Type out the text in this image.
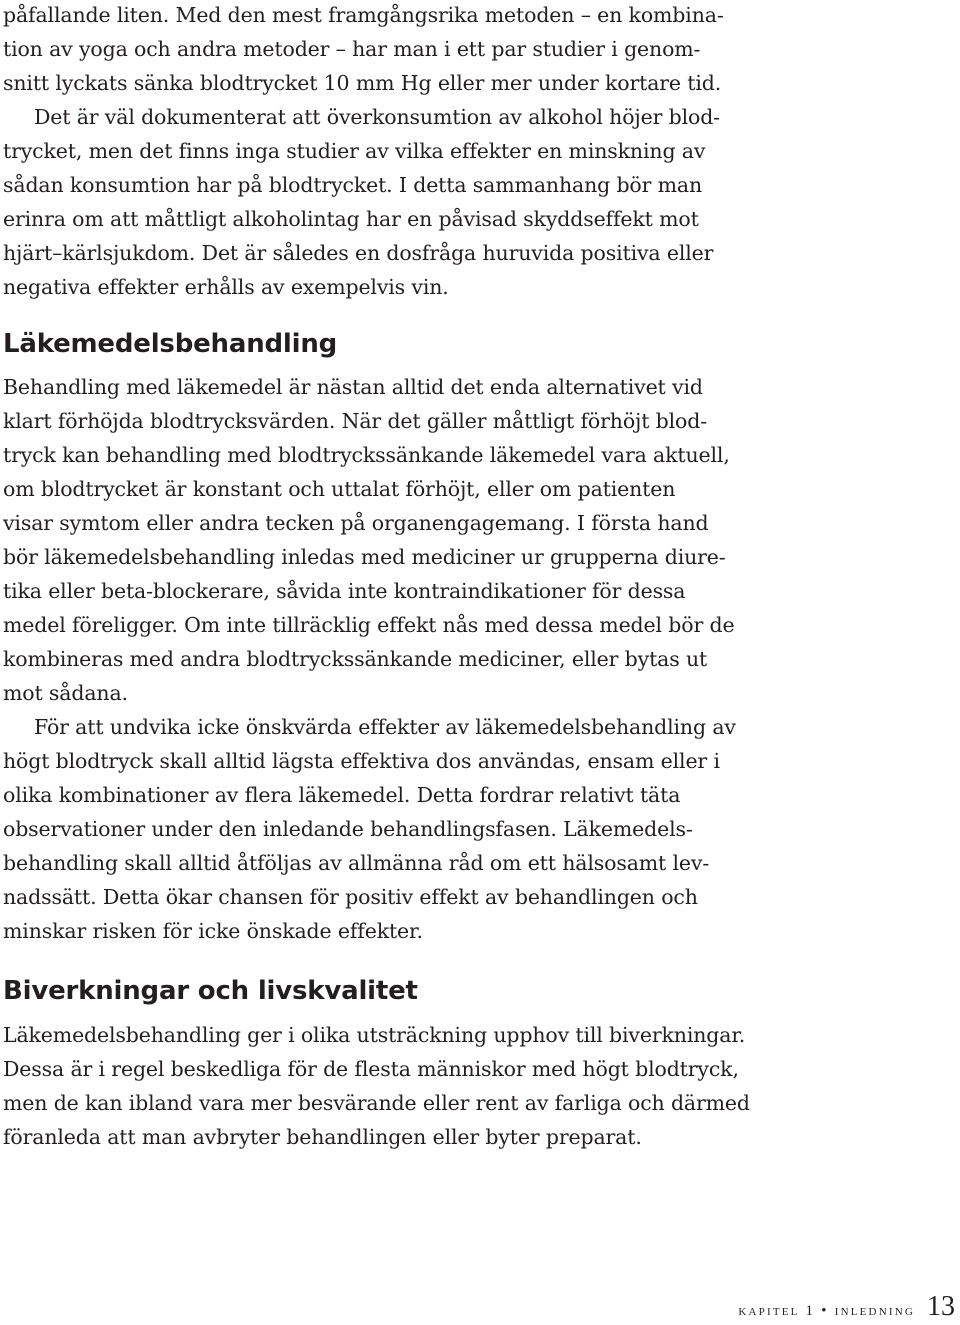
påfallande liten. Med den mest framgångsrika metoden – en kombina-
tion av yoga och andra metoder – har man i ett par studier i genom-
snitt lyckats sänka blodtrycket 10 mm Hg eller mer under kortare tid.
Det är väl dokumenterat att överkonsumtion av alkohol höjer blod-
trycket, men det finns inga studier av vilka effekter en minskning av
sådan konsumtion har på blodtrycket. I detta sammanhang bör man
erinra om att måttligt alkoholintag har en påvisad skyddseffekt mot
hjärt–kärlsjukdom. Det är således en dosfråga huruvida positiva eller
negativa effekter erhålls av exempelvis vin.
Läkemedelsbehandling
Behandling med läkemedel är nästan alltid det enda alternativet vid
klart förhöjda blodtrycksvärden. När det gäller måttligt förhöjt blod-
tryck kan behandling med blodtryckssänkande läkemedel vara aktuell,
om blodtrycket är konstant och uttalat förhöjt, eller om patienten
visar symtom eller andra tecken på organengagemang. I första hand
bör läkemedelsbehandling inledas med mediciner ur grupperna diure-
tika eller beta-blockerare, såvida inte kontraindikationer för dessa
medel föreligger. Om inte tillräcklig effekt nås med dessa medel bör de
kombineras med andra blodtryckssänkande mediciner, eller bytas ut
mot sådana.
För att undvika icke önskvärda effekter av läkemedelsbehandling av
högt blodtryck skall alltid lägsta effektiva dos användas, ensam eller i
olika kombinationer av flera läkemedel. Detta fordrar relativt täta
observationer under den inledande behandlingsfasen. Läkemedels-
behandling skall alltid åtföljas av allmänna råd om ett hälsosamt lev-
nadssätt. Detta ökar chansen för positiv effekt av behandlingen och
minskar risken för icke önskade effekter.
Biverkningar och livskvalitet
Läkemedelsbehandling ger i olika utsträckning upphov till biverkningar.
Dessa är i regel beskedliga för de flesta människor med högt blodtryck,
men de kan ibland vara mer besvärande eller rent av farliga och därmed
föranleda att man avbryter behandlingen eller byter preparat.
kapitel 1 • inledning 13
